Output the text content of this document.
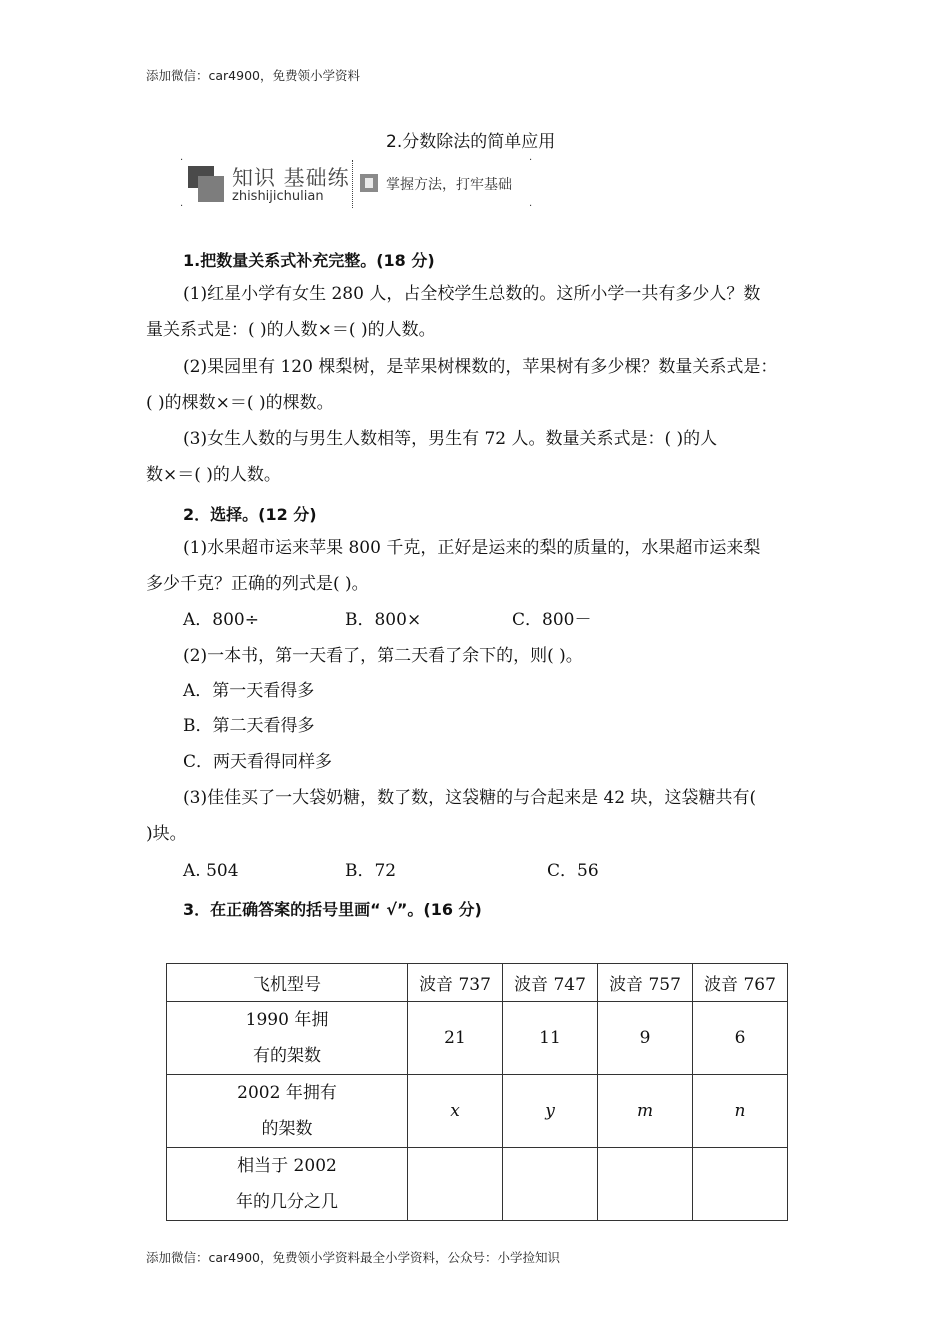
添加微信：car4900，免费领小学资料
2.分数除法的简单应用
·
·
·
·
知识 基础练
zhishijichulian
掌握方法，打牢基础
1.把数量关系式补充完整。(18 分)
(1)红星小学有女生 280 人，占全校学生总数的。这所小学一共有多少人？数
量关系式是：( )的人数×＝( )的人数。
(2)果园里有 120 棵梨树，是苹果树棵数的，苹果树有多少棵？数量关系式是：
( )的棵数×＝( )的棵数。
(3)女生人数的与男生人数相等，男生有 72 人。数量关系式是：( )的人
数×＝( )的人数。
2．选择。(12 分)
(1)水果超市运来苹果 800 千克，正好是运来的梨的质量的，水果超市运来梨
多少千克？正确的列式是( )。
A．800÷	B．800×	C．800－
(2)一本书，第一天看了，第二天看了余下的，则( )。
A．第一天看得多
B．第二天看得多
C．两天看得同样多
(3)佳佳买了一大袋奶糖，数了数，这袋糖的与合起来是 42 块，这袋糖共有(
)块。
A. 504	B．72	C．56
3．在正确答案的括号里画“ √”。(16 分)
飞机型号	波音 737	波音 747	波音 757	波音 767

1990 年拥
有的架数	21	11	9	6

2002 年拥有
的架数	x	y	m	n

相当于 2002
年的几分之几				

添加微信：car4900，免费领小学资料最全小学资料，公众号：小学捡知识
